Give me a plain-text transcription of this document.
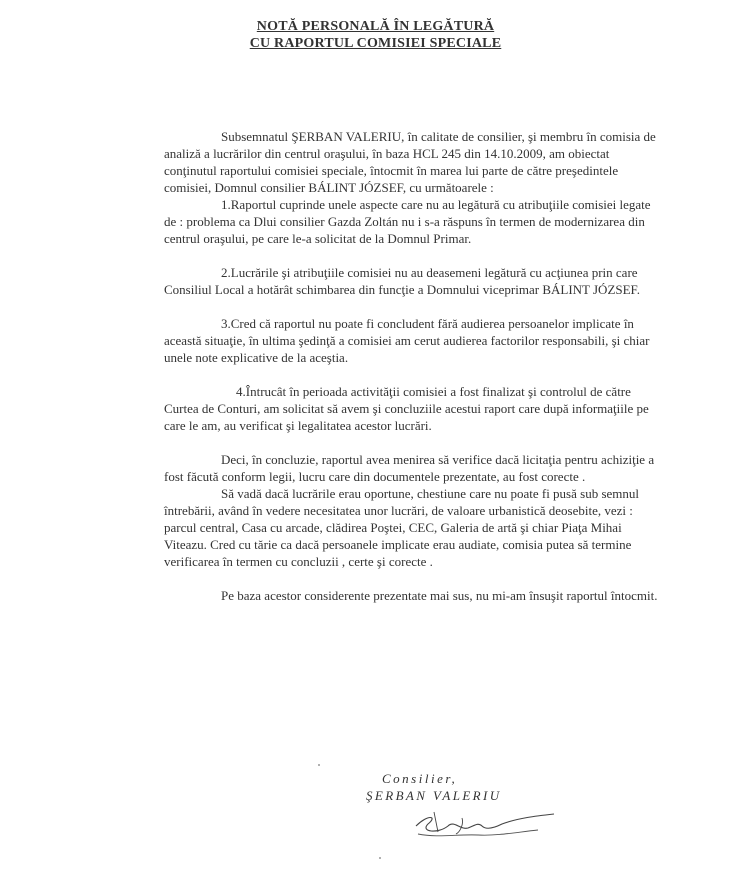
NOTĂ PERSONALĂ ÎN LEGĂTURĂ
CU RAPORTUL COMISIEI SPECIALE

Subsemnatul ŞERBAN VALERIU, în calitate de consilier, şi membru în comisia de analiză a lucrărilor din centrul oraşului, în baza HCL 245 din 14.10.2009, am obiectat conţinutul raportului comisiei speciale, întocmit în marea lui parte de către preşedintele comisiei, Domnul consilier BÁLINT JÓZSEF, cu următoarele :

1.Raportul cuprinde unele aspecte care nu au legătură cu atribuţiile comisiei legate de : problema ca Dlui consilier Gazda Zoltán nu i s-a răspuns în termen de modernizarea din centrul oraşului, pe care le-a solicitat de la Domnul Primar.

2.Lucrările şi atribuţiile comisiei nu au deasemeni legătură cu acţiunea prin care Consiliul Local a hotărât schimbarea din funcţie a Domnului viceprimar BÁLINT JÓZSEF.

3.Cred că raportul nu poate fi concludent fără audierea persoanelor implicate în această situaţie, în ultima şedinţă a comisiei am cerut audierea factorilor responsabili, şi chiar unele note explicative de la aceştia.

4.Întrucât în perioada activităţii comisiei a fost finalizat şi controlul de către Curtea de Conturi, am solicitat să avem şi concluziile acestui raport care după informaţiile pe care le am, au verificat şi legalitatea acestor lucrări.

Deci, în concluzie, raportul avea menirea să verifice dacă licitaţia pentru achiziţie a fost făcută conform legii, lucru care din documentele prezentate, au fost corecte .

Să vadă dacă lucrările erau oportune, chestiune care nu poate fi pusă sub semnul întrebării, având în vedere necesitatea unor lucrări, de valoare urbanistică deosebite, vezi : parcul central, Casa cu arcade, clădirea Poştei, CEC, Galeria de artă şi chiar Piaţa Mihai Viteazu. Cred cu tărie ca dacă persoanele implicate erau audiate, comisia putea să termine verificarea în termen cu concluzii , certe şi corecte .

Pe baza acestor considerente prezentate mai sus, nu mi-am însuşit raportul întocmit.

Consilier,
ŞERBAN VALERIU
